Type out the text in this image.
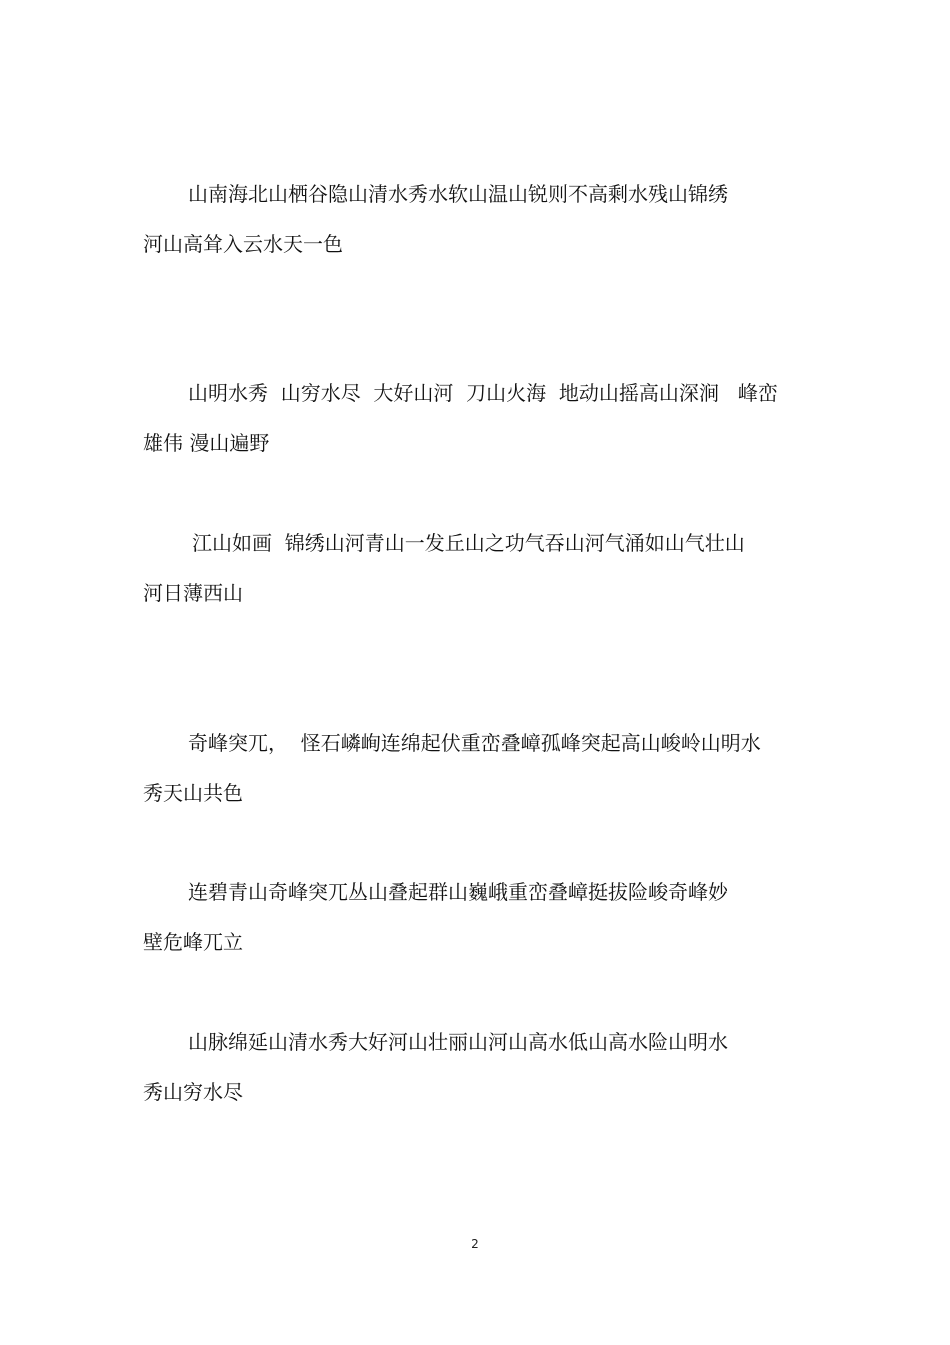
山南海北山栖谷隐山清水秀水软山温山锐则不高剩水残山锦绣
河山高耸入云水天一色
山明水秀  山穷水尽  大好山河  刀山火海  地动山摇高山深涧   峰峦
雄伟 漫山遍野
江山如画  锦绣山河青山一发丘山之功气吞山河气涌如山气壮山
河日薄西山
奇峰突兀，  怪石嶙峋连绵起伏重峦叠嶂孤峰突起高山峻岭山明水
秀天山共色
连碧青山奇峰突兀丛山叠起群山巍峨重峦叠嶂挺拔险峻奇峰妙
壁危峰兀立
山脉绵延山清水秀大好河山壮丽山河山高水低山高水险山明水
秀山穷水尽
2
